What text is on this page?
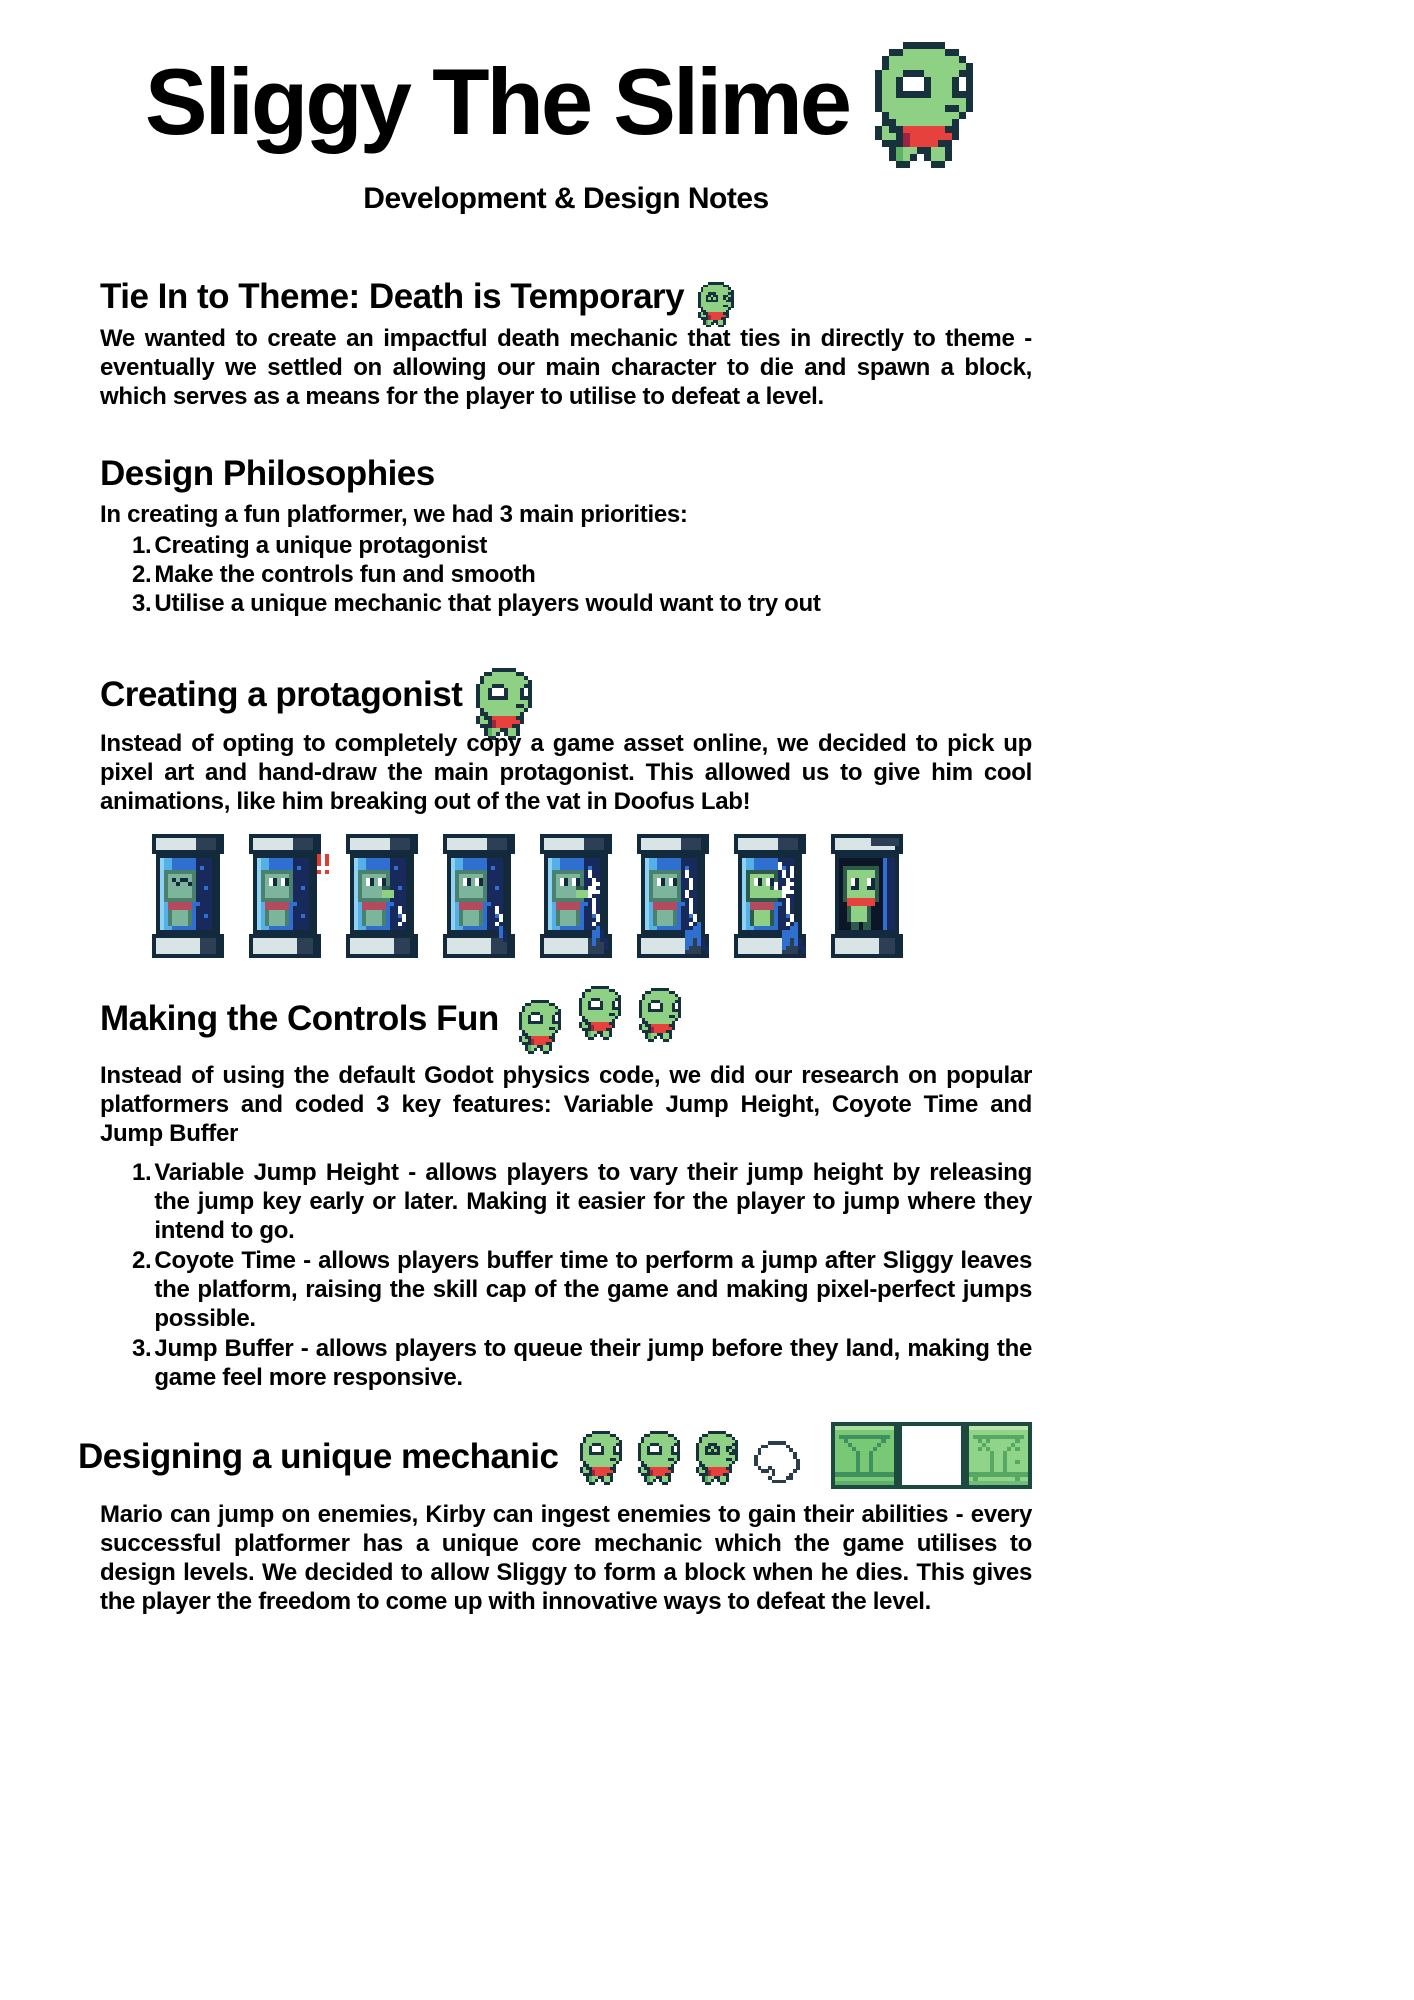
Sliggy The Slime
Development & Design Notes
Tie In to Theme: Death is Temporary

We wanted to create an impactful death mechanic that ties in directly to theme - eventually we settled on allowing our main character to die and spawn a block, which serves as a means for the player to utilise to defeat a level.

Design Philosophies

In creating a fun platformer, we had 3 main priorities:

1. Creating a unique protagonist
2. Make the controls fun and smooth
3. Utilise a unique mechanic that players would want to try out
Creating a protagonist

Instead of opting to completely copy a game asset online, we decided to pick up pixel art and hand-draw the main protagonist. This allowed us to give him cool animations, like him breaking out of the vat in Doofus Lab!

Making the Controls Fun

Instead of using the default Godot physics code, we did our research on popular platformers and coded 3 key features: Variable Jump Height, Coyote Time and Jump Buffer

1. Variable Jump Height - allows players to vary their jump height by releasing the jump key early or later. Making it easier for the player to jump where they intend to go.
2. Coyote Time - allows players buffer time to perform a jump after Sliggy leaves the platform, raising the skill cap of the game and making pixel-perfect jumps possible.
3. Jump Buffer - allows players to queue their jump before they land, making the game feel more responsive.
Designing a unique mechanic

Mario can jump on enemies, Kirby can ingest enemies to gain their abilities - every successful platformer has a unique core mechanic which the game utilises to design levels. We decided to allow Sliggy to form a block when he dies. This gives the player the freedom to come up with innovative ways to defeat the level.
